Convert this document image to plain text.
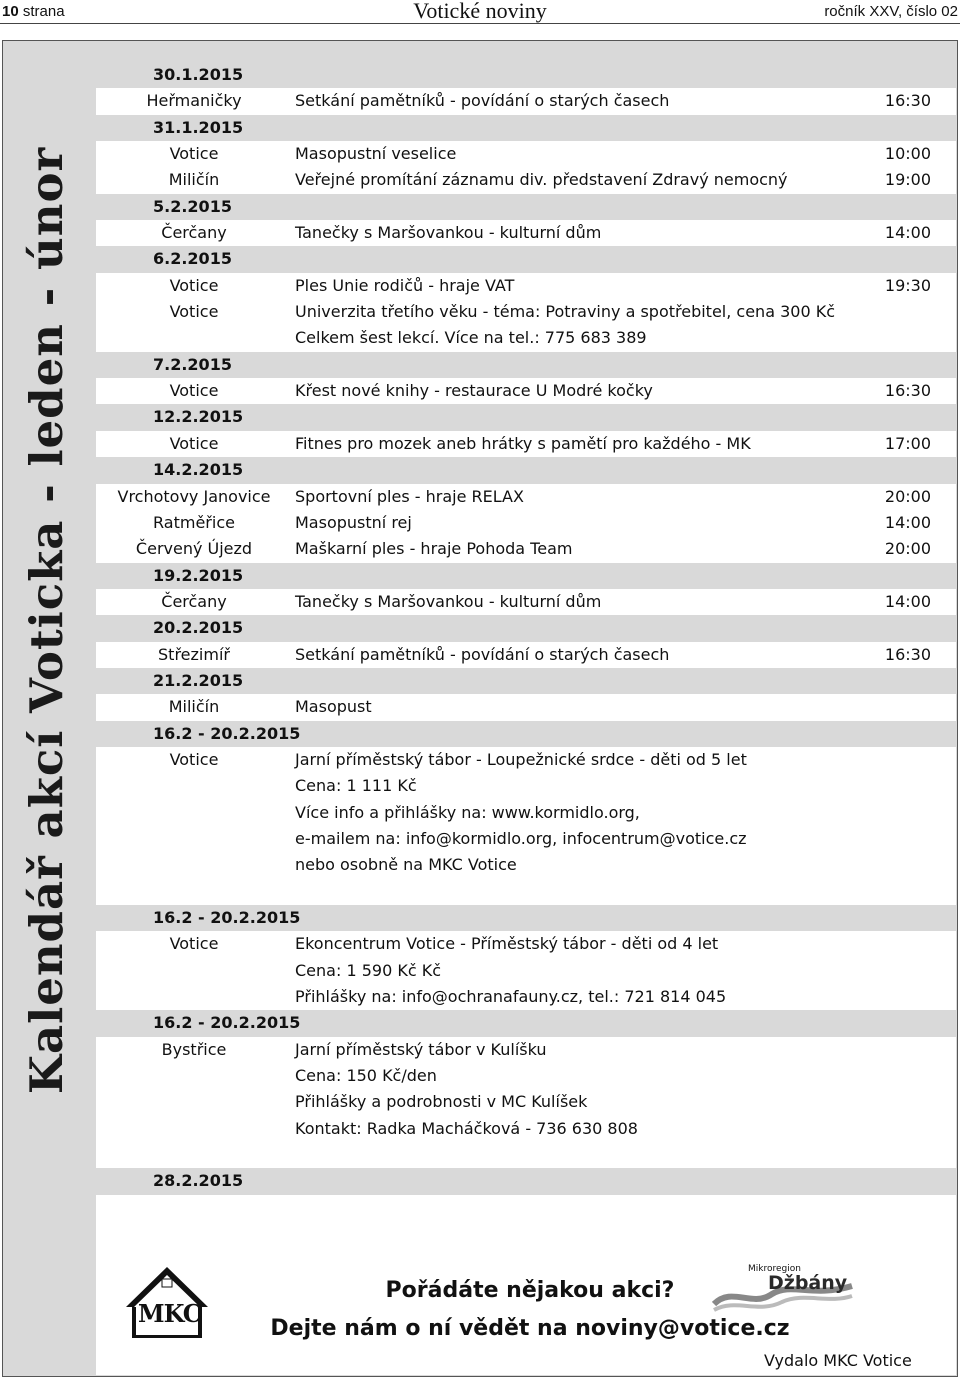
10 strana	Votické noviny	ročník XXV, číslo 02
Kalendář akcí Voticka - leden - únor
30.1.2015
Heřmaničky	Setkání pamětníků - povídání o starých časech	16:30
31.1.2015
Votice	Masopustní veselice	10:00
Miličín	Veřejné promítání záznamu div. představení Zdravý nemocný	19:00
5.2.2015
Čerčany	Tanečky s Maršovankou - kulturní dům	14:00
6.2.2015
Votice	Ples Unie rodičů - hraje VAT	19:30
Votice	Univerzita třetího věku - téma: Potraviny a spotřebitel, cena 300 Kč
Celkem šest lekcí. Více na tel.: 775 683 389
7.2.2015
Votice	Křest nové knihy - restaurace U Modré kočky	16:30
12.2.2015
Votice	Fitnes pro mozek aneb hrátky s pamětí pro každého - MK	17:00
14.2.2015
Vrchotovy Janovice	Sportovní ples - hraje RELAX	20:00
Ratměřice	Masopustní rej	14:00
Červený Újezd	Maškarní ples - hraje Pohoda Team	20:00
19.2.2015
Čerčany	Tanečky s Maršovankou - kulturní dům	14:00
20.2.2015
Střezimíř	Setkání pamětníků - povídání o starých časech	16:30
21.2.2015
Miličín	Masopust
16.2 - 20.2.2015
Votice	Jarní příměstský tábor - Loupežnické srdce - děti od 5 let
Cena: 1 111 Kč
Více info a přihlášky na: www.kormidlo.org,
e-mailem na: info@kormidlo.org, infocentrum@votice.cz
nebo osobně na MKC Votice
16.2 - 20.2.2015
Votice	Ekoncentrum Votice - Příměstský tábor - děti od 4 let
Cena: 1 590 Kč Kč
Přihlášky na: info@ochranafauny.cz, tel.: 721 814 045
16.2 - 20.2.2015
Bystřice	Jarní příměstský tábor v Kulíšku
Cena: 150 Kč/den
Přihlášky a podrobnosti v MC Kulíšek
Kontakt: Radka Macháčková - 736 630 808
28.2.2015
MKC
Mikroregion
Džbány
Pořádáte nějakou akci?
Dejte nám o ní vědět na noviny@votice.cz
Vydalo MKC Votice
